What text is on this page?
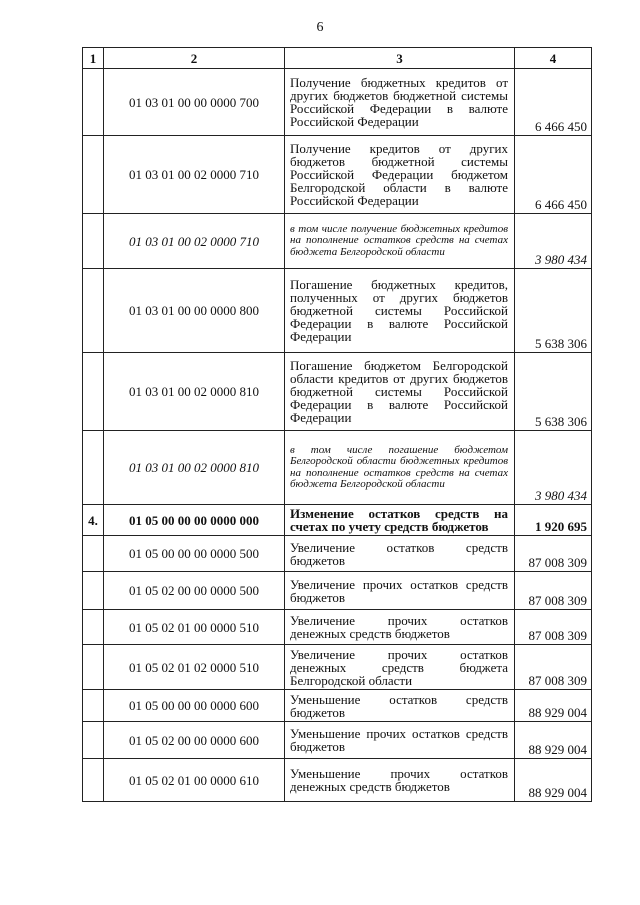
6
1	2	3	4
	01 03 01 00 00 0000 700	Получение бюджетных кредитов от других бюджетов бюджетной системы Российской Федерации в валюте Российской Федерации	6 466 450
	01 03 01 00 02 0000 710	Получение кредитов от других бюджетов бюджетной системы Российской Федерации бюджетом Белгородской области в валюте Российской Федерации	6 466 450
	01 03 01 00 02 0000 710	в том числе получение бюджетных кредитов на пополнение остатков средств на счетах бюджета Белгородской области	3 980 434
	01 03 01 00 00 0000 800	Погашение бюджетных кредитов, полученных от других бюджетов бюджетной системы Российской Федерации в валюте Российской Федерации	5 638 306
	01 03 01 00 02 0000 810	Погашение бюджетом Белгородской области кредитов от других бюджетов бюджетной системы Российской Федерации в валюте Российской Федерации	5 638 306
	01 03 01 00 02 0000 810	в том числе погашение бюджетом Белгородской области бюджетных кредитов на пополнение остатков средств на счетах бюджета Белгородской области	3 980 434
4.	01 05 00 00 00 0000 000	Изменение остатков средств на счетах по учету средств бюджетов	1 920 695
	01 05 00 00 00 0000 500	Увеличение остатков средств бюджетов	87 008 309
	01 05 02 00 00 0000 500	Увеличение прочих остатков средств бюджетов	87 008 309
	01 05 02 01 00 0000 510	Увеличение прочих остатков денежных средств бюджетов	87 008 309
	01 05 02 01 02 0000 510	Увеличение прочих остатков денежных средств бюджета Белгородской области	87 008 309
	01 05 00 00 00 0000 600	Уменьшение остатков средств бюджетов	88 929 004
	01 05 02 00 00 0000 600	Уменьшение прочих остатков средств бюджетов	88 929 004
	01 05 02 01 00 0000 610	Уменьшение прочих остатков денежных средств бюджетов	88 929 004
